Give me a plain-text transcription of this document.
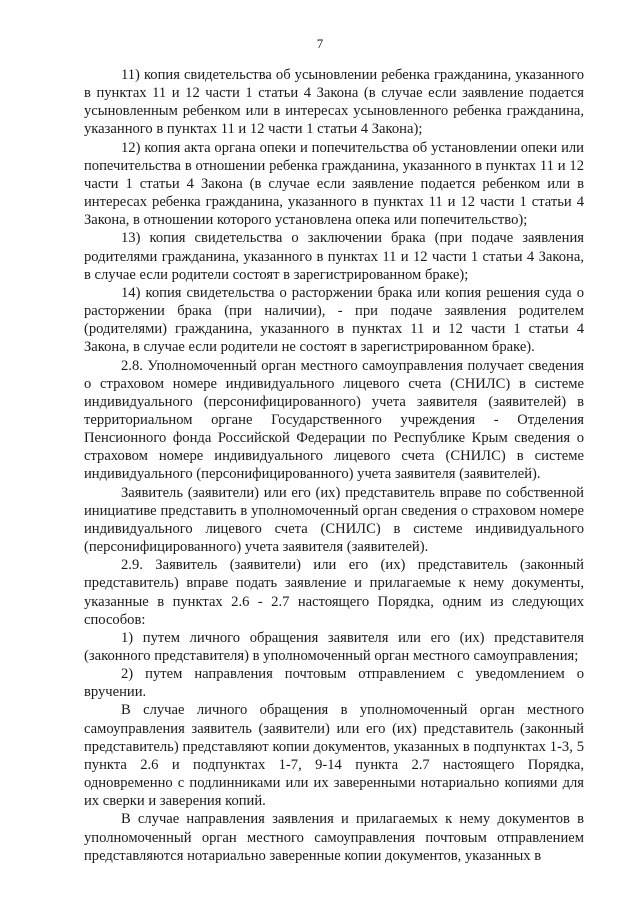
7

11) копия свидетельства об усыновлении ребенка гражданина, указанного в пунктах 11 и 12 части 1 статьи 4 Закона (в случае если заявление подается усыновленным ребенком или в интересах усыновленного ребенка гражданина, указанного в пунктах 11 и 12 части 1 статьи 4 Закона);

12) копия акта органа опеки и попечительства об установлении опеки или попечительства в отношении ребенка гражданина, указанного в пунктах 11 и 12 части 1 статьи 4 Закона (в случае если заявление подается ребенком или в интересах ребенка гражданина, указанного в пунктах 11 и 12 части 1 статьи 4 Закона, в отношении которого установлена опека или попечительство);

13) копия свидетельства о заключении брака (при подаче заявления родителями гражданина, указанного в пунктах 11 и 12 части 1 статьи 4 Закона, в случае если родители состоят в зарегистрированном браке);

14) копия свидетельства о расторжении брака или копия решения суда о расторжении брака (при наличии), - при подаче заявления родителем (родителями) гражданина, указанного в пунктах 11 и 12 части 1 статьи 4 Закона, в случае если родители не состоят в зарегистрированном браке).

2.8. Уполномоченный орган местного самоуправления получает сведения о страховом номере индивидуального лицевого счета (СНИЛС) в системе индивидуального (персонифицированного) учета заявителя (заявителей) в территориальном органе Государственного учреждения - Отделения Пенсионного фонда Российской Федерации по Республике Крым сведения о страховом номере индивидуального лицевого счета (СНИЛС) в системе индивидуального (персонифицированного) учета заявителя (заявителей).

Заявитель (заявители) или его (их) представитель вправе по собственной инициативе представить в уполномоченный орган сведения о страховом номере индивидуального лицевого счета (СНИЛС) в системе индивидуального (персонифицированного) учета заявителя (заявителей).

2.9. Заявитель (заявители) или его (их) представитель (законный представитель) вправе подать заявление и прилагаемые к нему документы, указанные в пунктах 2.6 - 2.7 настоящего Порядка, одним из следующих способов:

1) путем личного обращения заявителя или его (их) представителя (законного представителя) в уполномоченный орган местного самоуправления;

2) путем направления почтовым отправлением с уведомлением о вручении.

В случае личного обращения в уполномоченный орган местного самоуправления заявитель (заявители) или его (их) представитель (законный представитель) представляют копии документов, указанных в подпунктах 1-3, 5 пункта 2.6 и подпунктах 1-7, 9-14 пункта 2.7 настоящего Порядка, одновременно с подлинниками или их заверенными нотариально копиями для их сверки и заверения копий.

В случае направления заявления и прилагаемых к нему документов в уполномоченный орган местного самоуправления почтовым отправлением представляются нотариально заверенные копии документов, указанных в
